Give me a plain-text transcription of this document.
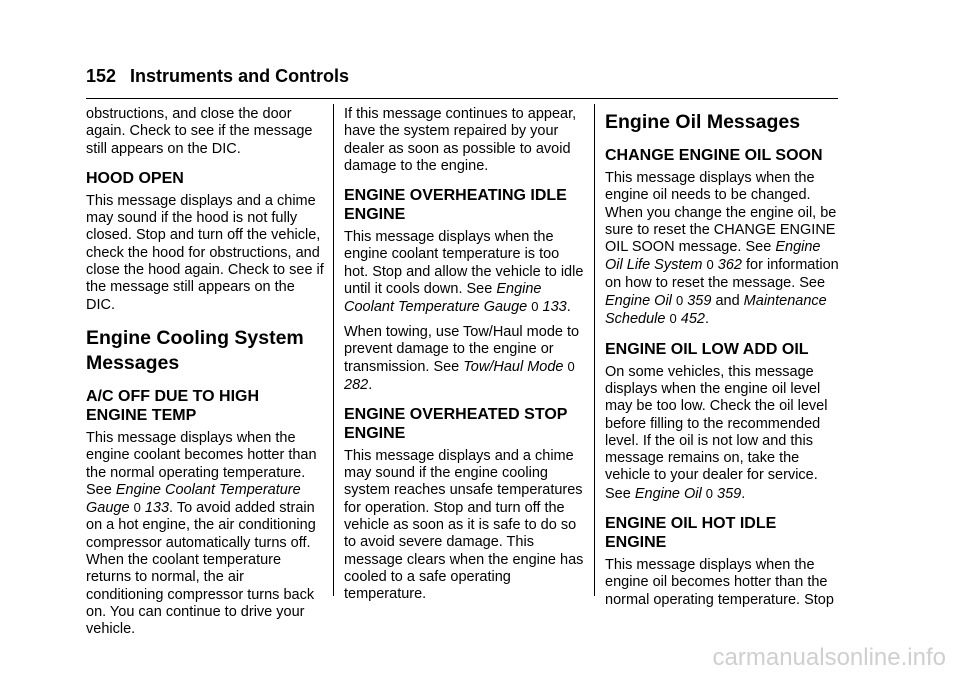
152 Instruments and Controls

obstructions, and close the door again. Check to see if the message still appears on the DIC.

HOOD OPEN

This message displays and a chime may sound if the hood is not fully closed. Stop and turn off the vehicle, check the hood for obstructions, and close the hood again. Check to see if the message still appears on the DIC.

Engine Cooling System Messages
A/C OFF DUE TO HIGH ENGINE TEMP

This message displays when the engine coolant becomes hotter than the normal operating temperature. See Engine Coolant Temperature Gauge 0 133. To avoid added strain on a hot engine, the air conditioning compressor automatically turns off. When the coolant temperature returns to normal, the air conditioning compressor turns back on. You can continue to drive your vehicle.

If this message continues to appear, have the system repaired by your dealer as soon as possible to avoid damage to the engine.

ENGINE OVERHEATING IDLE ENGINE

This message displays when the engine coolant temperature is too hot. Stop and allow the vehicle to idle until it cools down. See Engine Coolant Temperature Gauge 0 133.

When towing, use Tow/Haul mode to prevent damage to the engine or transmission. See Tow/Haul Mode 0 282.

ENGINE OVERHEATED STOP ENGINE

This message displays and a chime may sound if the engine cooling system reaches unsafe temperatures for operation. Stop and turn off the vehicle as soon as it is safe to do so to avoid severe damage. This message clears when the engine has cooled to a safe operating temperature.

Engine Oil Messages
CHANGE ENGINE OIL SOON

This message displays when the engine oil needs to be changed. When you change the engine oil, be sure to reset the CHANGE ENGINE OIL SOON message. See Engine Oil Life System 0 362 for information on how to reset the message. See Engine Oil 0 359 and Maintenance Schedule 0 452.

ENGINE OIL LOW ADD OIL

On some vehicles, this message displays when the engine oil level may be too low. Check the oil level before filling to the recommended level. If the oil is not low and this message remains on, take the vehicle to your dealer for service. See Engine Oil 0 359.

ENGINE OIL HOT IDLE ENGINE

This message displays when the engine oil becomes hotter than the normal operating temperature. Stop

carmanualsonline.info
